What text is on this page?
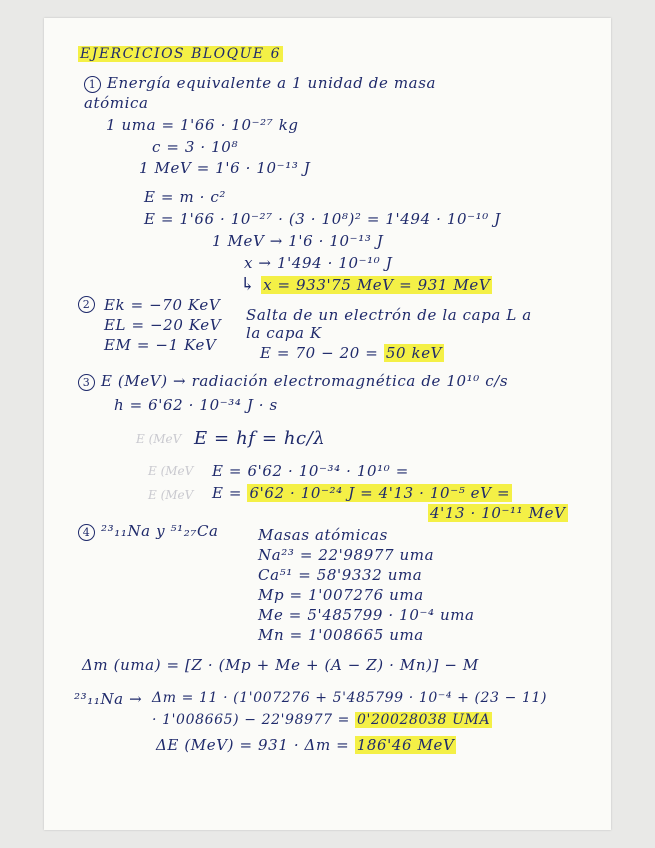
EJERCICIOS BLOQUE 6
1 Energía equivalente a 1 unidad de masa
atómica
1 uma = 1'66 · 10⁻²⁷ kg
c = 3 · 10⁸
1 MeV = 1'6 · 10⁻¹³ J
E = m · c²
E = 1'66 · 10⁻²⁷ · (3 · 10⁸)² = 1'494 · 10⁻¹⁰ J
1 MeV → 1'6 · 10⁻¹³ J
x → 1'494 · 10⁻¹⁰ J
↳ x = 933'75 MeV = 931 MeV
2 Ek = −70 KeV
EL = −20 KeV
EM = −1 KeV
Salta de un electrón de la capa L a
la capa K
E = 70 − 20 = 50 keV
3 E (MeV) → radiación electromagnética de 10¹⁰ c/s
h = 6'62 · 10⁻³⁴ J · s
E (MeV
E (MeV
E (MeV
E = hf = hc/λ
E = 6'62 · 10⁻³⁴ · 10¹⁰ =
E = 6'62 · 10⁻²⁴ J = 4'13 · 10⁻⁵ eV =
4'13 · 10⁻¹¹ MeV
4 ²³₁₁Na y ⁵¹₂₇Ca	Masas atómicas
Na²³ = 22'98977 uma
Ca⁵¹ = 58'9332 uma
Mp = 1'007276 uma
Me = 5'485799 · 10⁻⁴ uma
Mn = 1'008665 uma
Δm (uma) = [Z · (Mp + Me + (A − Z) · Mn)] − M
²³₁₁Na → Δm = 11 · (1'007276 + 5'485799 · 10⁻⁴ + (23 − 11)
· 1'008665) − 22'98977 = 0'20028038 UMA
ΔE (MeV) = 931 · Δm = 186'46 MeV
